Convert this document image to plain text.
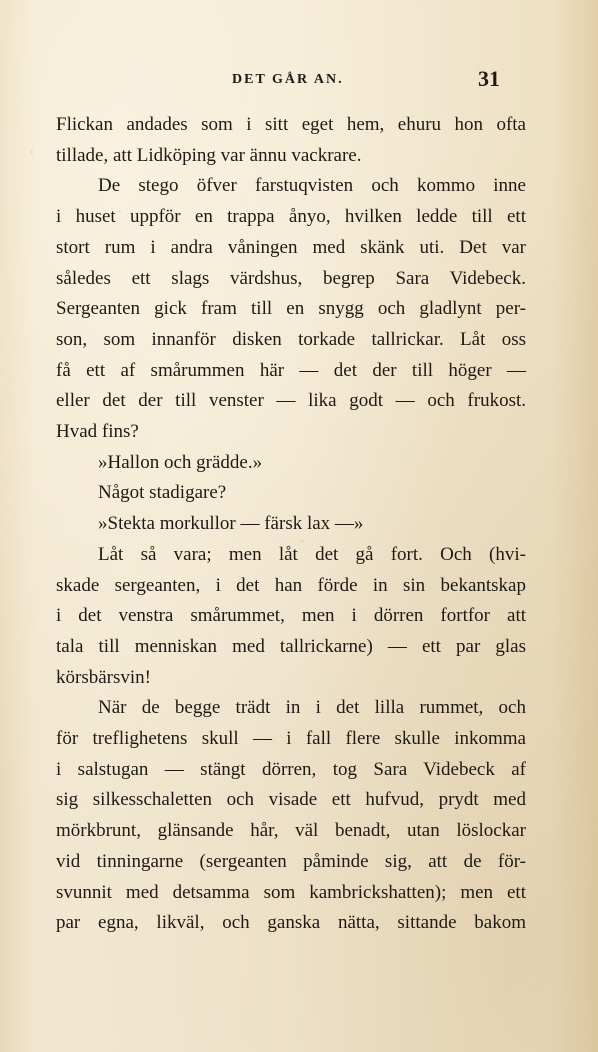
DET GÅR AN.	31
Flickan andades som i sitt eget hem, ehuru hon ofta
tillade, att Lidköping var ännu vackrare.
De stego öfver farstuqvisten och kommo inne
i huset uppför en trappa ånyo, hvilken ledde till ett
stort rum i andra våningen med skänk uti. Det var
således ett slags värdshus, begrep Sara Videbeck.
Sergeanten gick fram till en snygg och gladlynt per-
son, som innanför disken torkade tallrickar. Låt oss
få ett af smårummen här — det der till höger —
eller det der till venster — lika godt — och frukost.
Hvad fins?
»Hallon och grädde.»
Något stadigare?
»Stekta morkullor — färsk lax —»
Låt så vara; men låt det gå fort. Och (hvi-
skade sergeanten, i det han förde in sin bekantskap
i det venstra smårummet, men i dörren fortfor att
tala till menniskan med tallrickarne) — ett par glas
körsbärsvin!
När de begge trädt in i det lilla rummet, och
för treflighetens skull — i fall flere skulle inkomma
i salstugan — stängt dörren, tog Sara Videbeck af
sig silkesschaletten och visade ett hufvud, prydt med
mörkbrunt, glänsande hår, väl benadt, utan löslockar
vid tinningarne (sergeanten påminde sig, att de för-
svunnit med detsamma som kambrickshatten); men ett
par egna, likväl, och ganska nätta, sittande bakom
